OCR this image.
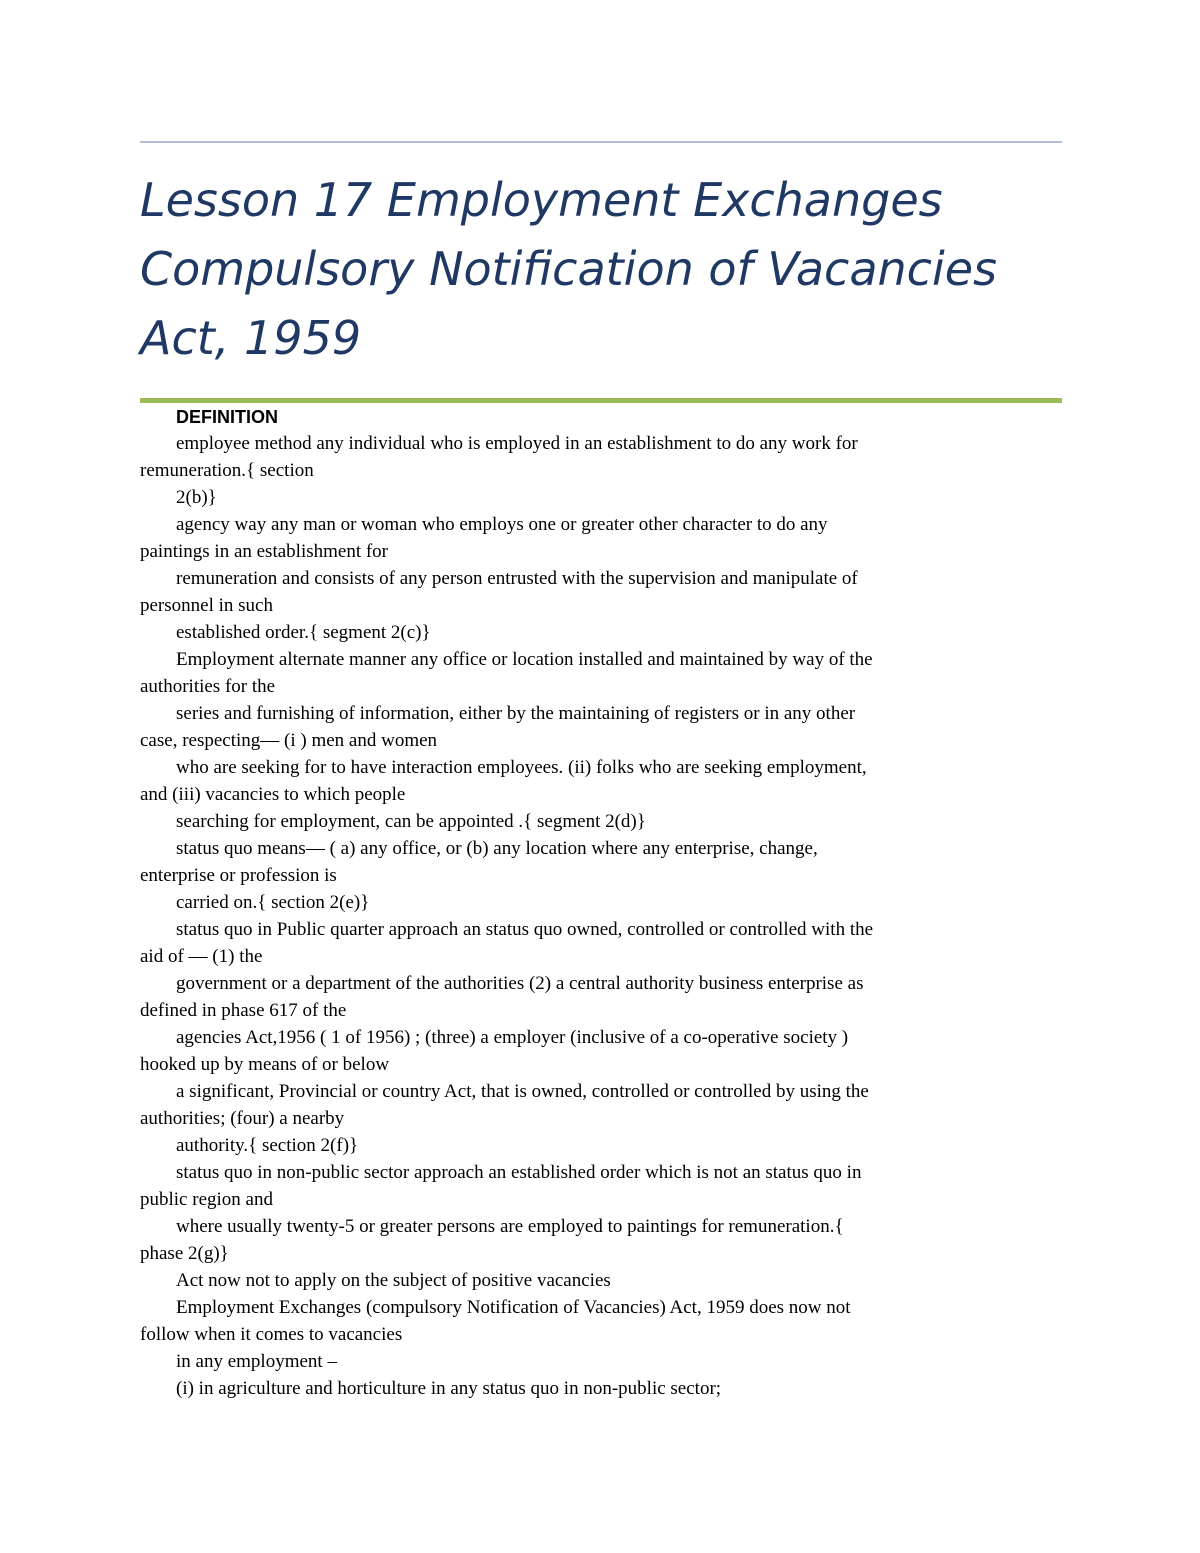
Lesson 17 Employment Exchanges
Compulsory Notification of Vacancies
Act, 1959
DEFINITION
employee method any individual who is employed in an establishment to do any work for
remuneration.{ section
2(b)}
agency way any man or woman who employs one or greater other character to do any
paintings in an establishment for
remuneration and consists of any person entrusted with the supervision and manipulate of
personnel in such
established order.{ segment 2(c)}
Employment alternate manner any office or location installed and maintained by way of the
authorities for the
series and furnishing of information, either by the maintaining of registers or in any other
case, respecting— (i ) men and women
who are seeking for to have interaction employees. (ii) folks who are seeking employment,
and (iii) vacancies to which people
searching for employment, can be appointed .{ segment 2(d)}
status quo means— ( a) any office, or (b) any location where any enterprise, change,
enterprise or profession is
carried on.{ section 2(e)}
status quo in Public quarter approach an status quo owned, controlled or controlled with the
aid of — (1) the
government or a department of the authorities (2) a central authority business enterprise as
defined in phase 617 of the
agencies Act,1956 ( 1 of 1956) ; (three) a employer (inclusive of a co-operative society )
hooked up by means of or below
a significant, Provincial or country Act, that is owned, controlled or controlled by using the
authorities; (four) a nearby
authority.{ section 2(f)}
status quo in non-public sector approach an established order which is not an status quo in
public region and
where usually twenty-5 or greater persons are employed to paintings for remuneration.{
phase 2(g)}
Act now not to apply on the subject of positive vacancies
Employment Exchanges (compulsory Notification of Vacancies) Act, 1959 does now not
follow when it comes to vacancies
in any employment –
(i) in agriculture and horticulture in any status quo in non-public sector;
